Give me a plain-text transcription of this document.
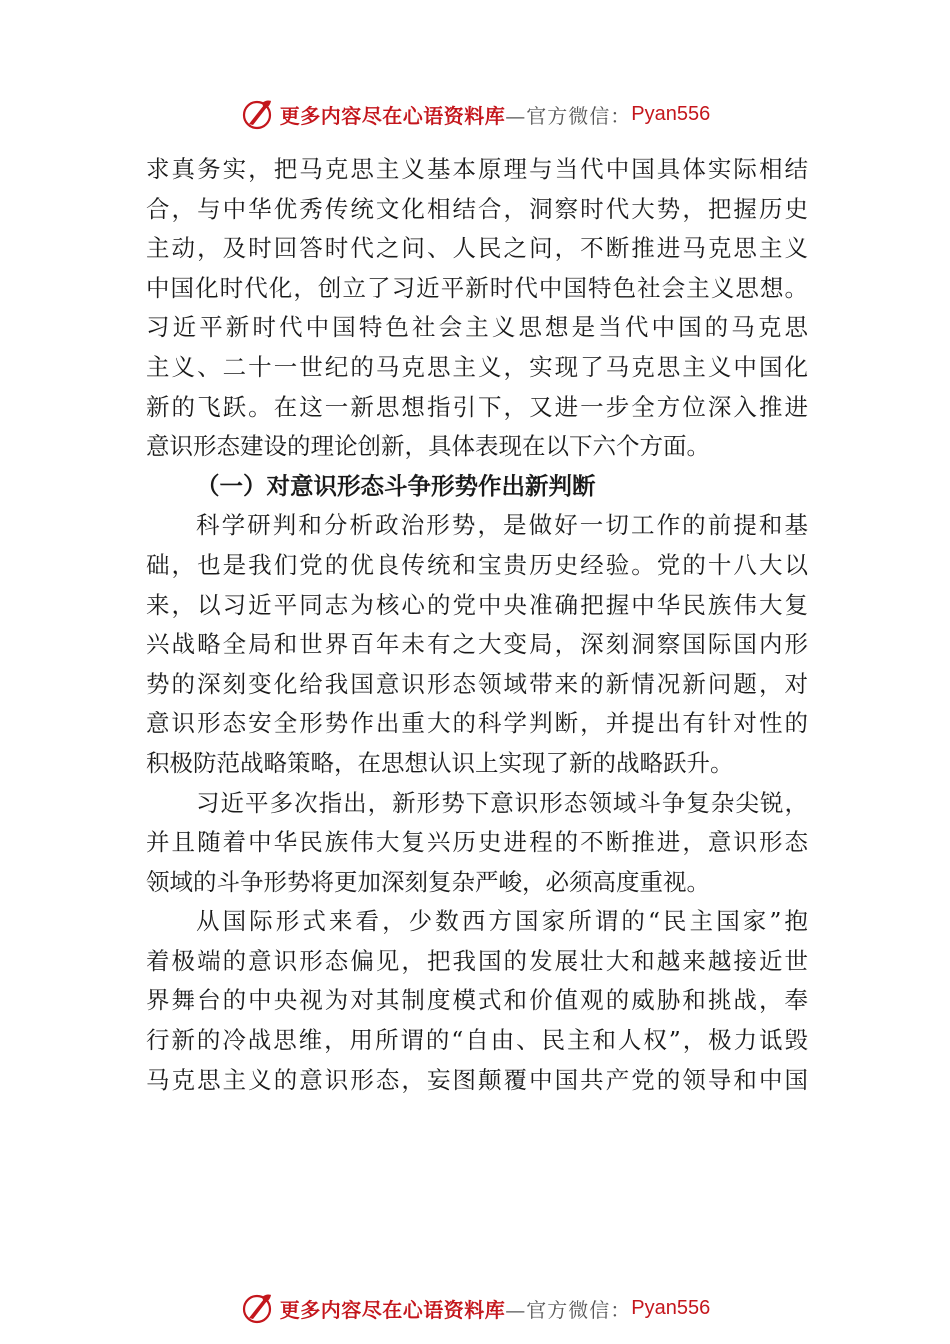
更多内容尽在心语资料库 —官方微信： Pyan556
求真务实，把马克思主义基本原理与当代中国具体实际相结
合，与中华优秀传统文化相结合，洞察时代大势，把握历史
主动，及时回答时代之问、人民之问，不断推进马克思主义
中国化时代化，创立了习近平新时代中国特色社会主义思想。
习近平新时代中国特色社会主义思想是当代中国的马克思
主义、二十一世纪的马克思主义，实现了马克思主义中国化
新的飞跃。在这一新思想指引下，又进一步全方位深入推进
意识形态建设的理论创新，具体表现在以下六个方面。
（一）对意识形态斗争形势作出新判断
科学研判和分析政治形势，是做好一切工作的前提和基
础，也是我们党的优良传统和宝贵历史经验。党的十八大以
来，以习近平同志为核心的党中央准确把握中华民族伟大复
兴战略全局和世界百年未有之大变局，深刻洞察国际国内形
势的深刻变化给我国意识形态领域带来的新情况新问题，对
意识形态安全形势作出重大的科学判断，并提出有针对性的
积极防范战略策略，在思想认识上实现了新的战略跃升。
习近平多次指出，新形势下意识形态领域斗争复杂尖锐，
并且随着中华民族伟大复兴历史进程的不断推进，意识形态
领域的斗争形势将更加深刻复杂严峻，必须高度重视。
从国际形式来看，少数西方国家所谓的“民主国家”抱
着极端的意识形态偏见，把我国的发展壮大和越来越接近世
界舞台的中央视为对其制度模式和价值观的威胁和挑战，奉
行新的冷战思维，用所谓的“自由、民主和人权”，极力诋毁
马克思主义的意识形态，妄图颠覆中国共产党的领导和中国
更多内容尽在心语资料库 —官方微信： Pyan556
